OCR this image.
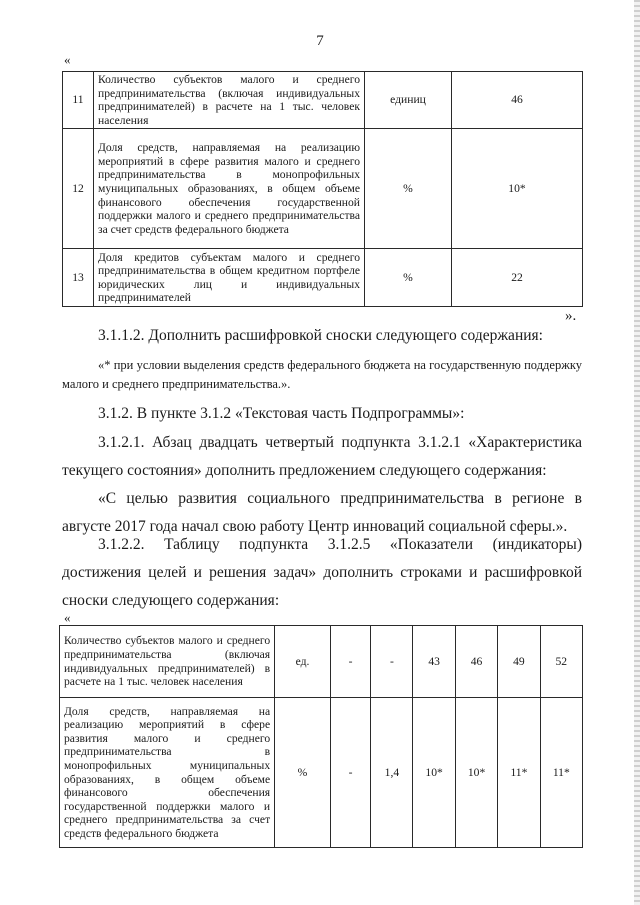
7
«
11	Количество субъектов малого и среднего предпринимательства (включая индивидуальных предпринимателей) в расчете на 1 тыс. человек населения	единиц	46
12	Доля средств, направляемая на реализацию мероприятий в сфере развития малого и среднего предпринимательства в монопрофильных муниципальных образованиях, в общем объеме финансового обеспечения государственной поддержки малого и среднего предпринимательства за счет средств федерального бюджета	%	10*
13	Доля кредитов субъектам малого и среднего предпринимательства в общем кредитном портфеле юридических лиц и индивидуальных предпринимателей	%	22
».
3.1.1.2. Дополнить расшифровкой сноски следующего содержания:
«* при условии выделения средств федерального бюджета на государственную поддержку малого и среднего предпринимательства.».
3.1.2. В пункте 3.1.2 «Текстовая часть Подпрограммы»:
3.1.2.1. Абзац двадцать четвертый подпункта 3.1.2.1 «Характеристика текущего состояния» дополнить предложением следующего содержания:
«С целью развития социального предпринимательства в регионе в августе 2017 года начал свою работу Центр инноваций социальной сферы.».
3.1.2.2. Таблицу подпункта 3.1.2.5 «Показатели (индикаторы) достижения целей и решения задач» дополнить строками и расшифровкой сноски следующего содержания:
«
Количество субъектов малого и среднего предпринимательства (включая индивидуальных предпринимателей) в расчете на 1 тыс. человек населения	ед.	-	-	43	46	49	52
Доля средств, направляемая на реализацию мероприятий в сфере развития малого и среднего предпринимательства в монопрофильных муниципальных образованиях, в общем объеме финансового обеспечения государственной поддержки малого и среднего предпринимательства за счет средств федерального бюджета	%	-	1,4	10*	10*	11*	11*
